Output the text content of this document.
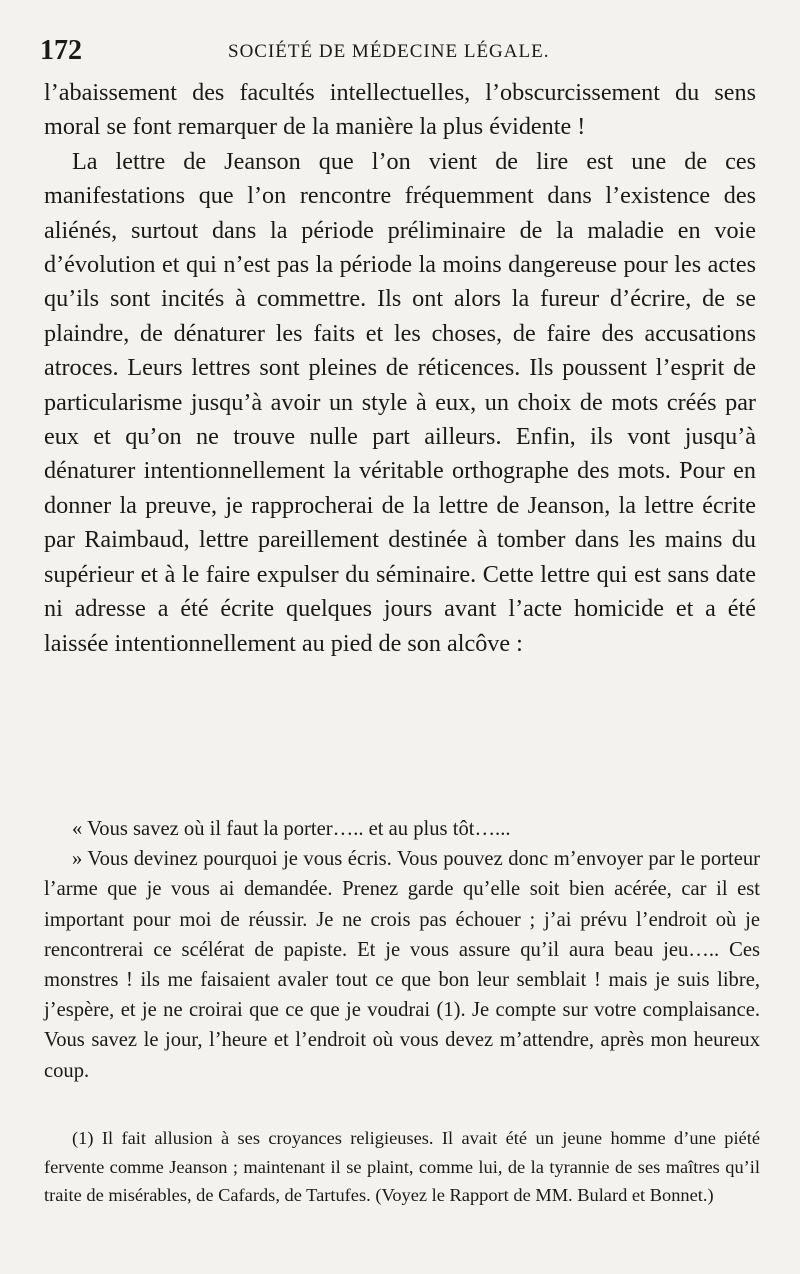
172	SOCIÉTÉ DE MÉDECINE LÉGALE.

l’abaissement des facultés intellectuelles, l’obscurcissement du sens moral se font remarquer de la manière la plus évidente !

La lettre de Jeanson que l’on vient de lire est une de ces manifestations que l’on rencontre fréquemment dans l’existence des aliénés, surtout dans la période préliminaire de la maladie en voie d’évolution et qui n’est pas la période la moins dangereuse pour les actes qu’ils sont incités à commettre. Ils ont alors la fureur d’écrire, de se plaindre, de dénaturer les faits et les choses, de faire des accusations atroces. Leurs lettres sont pleines de réticences. Ils poussent l’esprit de particularisme jusqu’à avoir un style à eux, un choix de mots créés par eux et qu’on ne trouve nulle part ailleurs. Enfin, ils vont jusqu’à dénaturer intentionnellement la véritable orthographe des mots. Pour en donner la preuve, je rapprocherai de la lettre de Jeanson, la lettre écrite par Raimbaud, lettre pareillement destinée à tomber dans les mains du supérieur et à le faire expulser du séminaire. Cette lettre qui est sans date ni adresse a été écrite quelques jours avant l’acte homicide et a été laissée intentionnellement au pied de son alcôve :

« Vous savez où il faut la porter….. et au plus tôt…...

» Vous devinez pourquoi je vous écris. Vous pouvez donc m’envoyer par le porteur l’arme que je vous ai demandée. Prenez garde qu’elle soit bien acérée, car il est important pour moi de réussir. Je ne crois pas échouer ; j’ai prévu l’endroit où je rencontrerai ce scélérat de papiste. Et je vous assure qu’il aura beau jeu….. Ces monstres ! ils me faisaient avaler tout ce que bon leur semblait ! mais je suis libre, j’espère, et je ne croirai que ce que je voudrai (1). Je compte sur votre complaisance. Vous savez le jour, l’heure et l’endroit où vous devez m’attendre, après mon heureux coup.

(1) Il fait allusion à ses croyances religieuses. Il avait été un jeune homme d’une piété fervente comme Jeanson ; maintenant il se plaint, comme lui, de la tyrannie de ses maîtres qu’il traite de misérables, de Cafards, de Tartufes. (Voyez le Rapport de MM. Bulard et Bonnet.)
